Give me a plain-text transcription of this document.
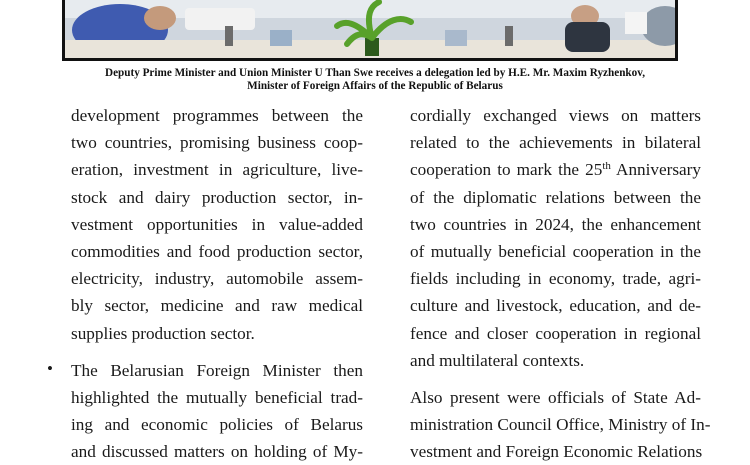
Deputy Prime Minister and Union Minister U Than Swe receives a delegation led by H.E. Mr. Maxim Ryzhenkov,
Minister of Foreign Affairs of the Republic of Belarus
development programmes between the
two countries, promising business coop-
eration, investment in agriculture, live-
stock and dairy production sector, in-
vestment opportunities in value-added
commodities and food production sector,
electricity, industry, automobile assem-
bly sector, medicine and raw medical
supplies production sector.
The Belarusian Foreign Minister then
highlighted the mutually beneficial trad-
ing and economic policies of Belarus
and discussed matters on holding of My-
•
cordially exchanged views on matters
related to the achievements in bilateral
cooperation to mark the 25th Anniversary
of the diplomatic relations between the
two countries in 2024, the enhancement
of mutually beneficial cooperation in the
fields including in economy, trade, agri-
culture and livestock, education, and de-
fence and closer cooperation in regional
and multilateral contexts.
Also present were officials of State Ad-
ministration Council Office, Ministry of In-
vestment and Foreign Economic Relations
